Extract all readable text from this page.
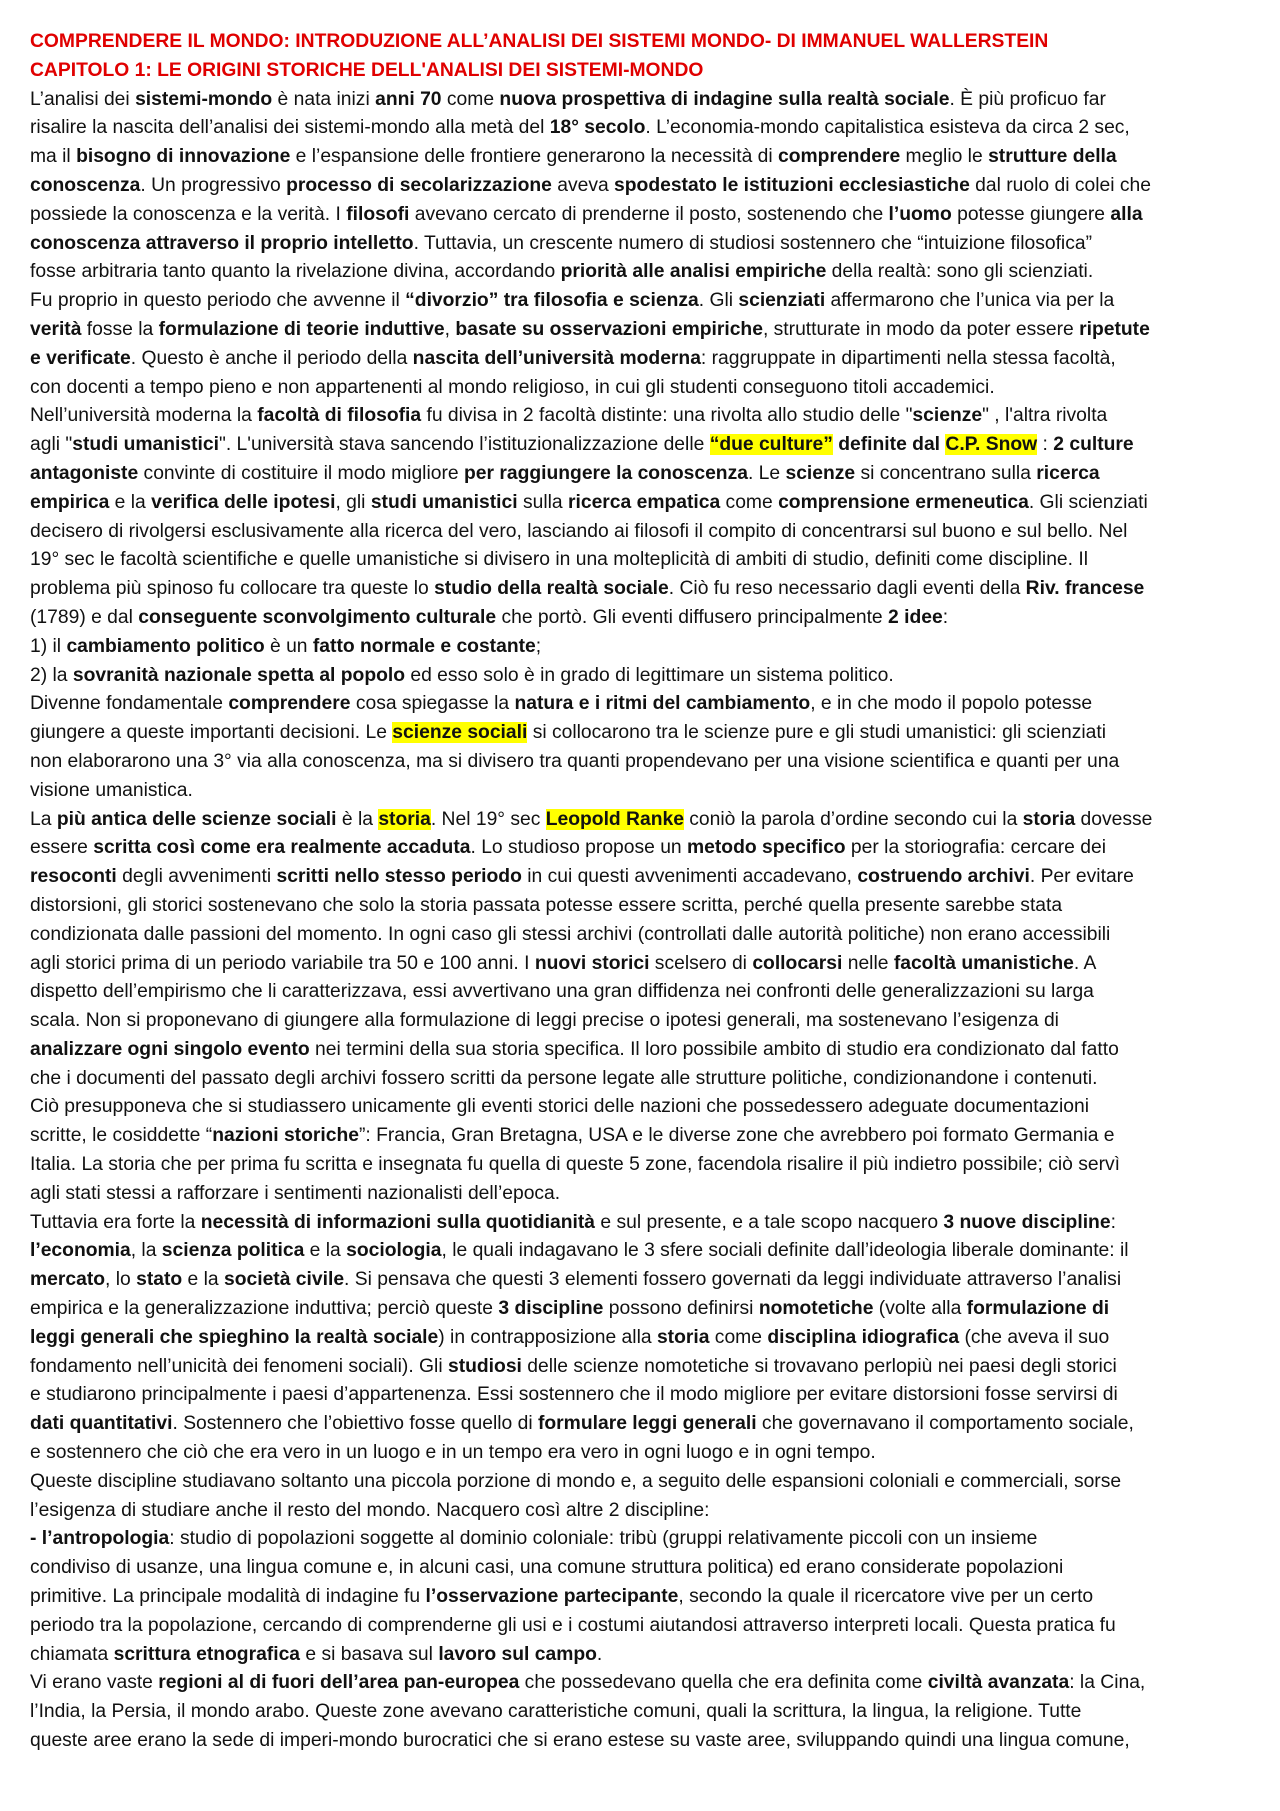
COMPRENDERE IL MONDO: INTRODUZIONE ALL’ANALISI DEI SISTEMI MONDO- DI IMMANUEL WALLERSTEIN
CAPITOLO 1: LE ORIGINI STORICHE DELL'ANALISI DEI SISTEMI-MONDO
L’analisi dei sistemi-mondo è nata inizi anni 70 come nuova prospettiva di indagine sulla realtà sociale. È più proficuo far
risalire la nascita dell’analisi dei sistemi-mondo alla metà del 18° secolo. L’economia-mondo capitalistica esisteva da circa 2 sec,
ma il bisogno di innovazione e l’espansione delle frontiere generarono la necessità di comprendere meglio le strutture della
conoscenza. Un progressivo processo di secolarizzazione aveva spodestato le istituzioni ecclesiastiche dal ruolo di colei che
possiede la conoscenza e la verità. I filosofi avevano cercato di prenderne il posto, sostenendo che l’uomo potesse giungere alla
conoscenza attraverso il proprio intelletto. Tuttavia, un crescente numero di studiosi sostennero che “intuizione filosofica”
fosse arbitraria tanto quanto la rivelazione divina, accordando priorità alle analisi empiriche della realtà: sono gli scienziati.
Fu proprio in questo periodo che avvenne il “divorzio” tra filosofia e scienza. Gli scienziati affermarono che l’unica via per la
verità fosse la formulazione di teorie induttive, basate su osservazioni empiriche, strutturate in modo da poter essere ripetute
e verificate. Questo è anche il periodo della nascita dell’università moderna: raggruppate in dipartimenti nella stessa facoltà,
con docenti a tempo pieno e non appartenenti al mondo religioso, in cui gli studenti conseguono titoli accademici.
Nell’università moderna la facoltà di filosofia fu divisa in 2 facoltà distinte: una rivolta allo studio delle "scienze" , l'altra rivolta
agli "studi umanistici". L'università stava sancendo l’istituzionalizzazione delle “due culture” definite dal C.P. Snow : 2 culture
antagoniste convinte di costituire il modo migliore per raggiungere la conoscenza. Le scienze si concentrano sulla ricerca
empirica e la verifica delle ipotesi, gli studi umanistici sulla ricerca empatica come comprensione ermeneutica. Gli scienziati
decisero di rivolgersi esclusivamente alla ricerca del vero, lasciando ai filosofi il compito di concentrarsi sul buono e sul bello. Nel
19° sec le facoltà scientifiche e quelle umanistiche si divisero in una molteplicità di ambiti di studio, definiti come discipline. Il
problema più spinoso fu collocare tra queste lo studio della realtà sociale. Ciò fu reso necessario dagli eventi della Riv. francese
(1789) e dal conseguente sconvolgimento culturale che portò. Gli eventi diffusero principalmente 2 idee:
1) il cambiamento politico è un fatto normale e costante;
2) la sovranità nazionale spetta al popolo ed esso solo è in grado di legittimare un sistema politico.
Divenne fondamentale comprendere cosa spiegasse la natura e i ritmi del cambiamento, e in che modo il popolo potesse
giungere a queste importanti decisioni. Le scienze sociali si collocarono tra le scienze pure e gli studi umanistici: gli scienziati
non elaborarono una 3° via alla conoscenza, ma si divisero tra quanti propendevano per una visione scientifica e quanti per una
visione umanistica.
La più antica delle scienze sociali è la storia. Nel 19° sec Leopold Ranke coniò la parola d’ordine secondo cui la storia dovesse
essere scritta così come era realmente accaduta. Lo studioso propose un metodo specifico per la storiografia: cercare dei
resoconti degli avvenimenti scritti nello stesso periodo in cui questi avvenimenti accadevano, costruendo archivi. Per evitare
distorsioni, gli storici sostenevano che solo la storia passata potesse essere scritta, perché quella presente sarebbe stata
condizionata dalle passioni del momento. In ogni caso gli stessi archivi (controllati dalle autorità politiche) non erano accessibili
agli storici prima di un periodo variabile tra 50 e 100 anni. I nuovi storici scelsero di collocarsi nelle facoltà umanistiche. A
dispetto dell’empirismo che li caratterizzava, essi avvertivano una gran diffidenza nei confronti delle generalizzazioni su larga
scala. Non si proponevano di giungere alla formulazione di leggi precise o ipotesi generali, ma sostenevano l’esigenza di
analizzare ogni singolo evento nei termini della sua storia specifica. Il loro possibile ambito di studio era condizionato dal fatto
che i documenti del passato degli archivi fossero scritti da persone legate alle strutture politiche, condizionandone i contenuti.
Ciò presupponeva che si studiassero unicamente gli eventi storici delle nazioni che possedessero adeguate documentazioni
scritte, le cosiddette “nazioni storiche”: Francia, Gran Bretagna, USA e le diverse zone che avrebbero poi formato Germania e
Italia. La storia che per prima fu scritta e insegnata fu quella di queste 5 zone, facendola risalire il più indietro possibile; ciò servì
agli stati stessi a rafforzare i sentimenti nazionalisti dell’epoca.
Tuttavia era forte la necessità di informazioni sulla quotidianità e sul presente, e a tale scopo nacquero 3 nuove discipline:
l’economia, la scienza politica e la sociologia, le quali indagavano le 3 sfere sociali definite dall’ideologia liberale dominante: il
mercato, lo stato e la società civile. Si pensava che questi 3 elementi fossero governati da leggi individuate attraverso l’analisi
empirica e la generalizzazione induttiva; perciò queste 3 discipline possono definirsi nomotetiche (volte alla formulazione di
leggi generali che spieghino la realtà sociale) in contrapposizione alla storia come disciplina idiografica (che aveva il suo
fondamento nell’unicità dei fenomeni sociali). Gli studiosi delle scienze nomotetiche si trovavano perlopiù nei paesi degli storici
e studiarono principalmente i paesi d’appartenenza. Essi sostennero che il modo migliore per evitare distorsioni fosse servirsi di
dati quantitativi. Sostennero che l’obiettivo fosse quello di formulare leggi generali che governavano il comportamento sociale,
e sostennero che ciò che era vero in un luogo e in un tempo era vero in ogni luogo e in ogni tempo.
Queste discipline studiavano soltanto una piccola porzione di mondo e, a seguito delle espansioni coloniali e commerciali, sorse
l’esigenza di studiare anche il resto del mondo. Nacquero così altre 2 discipline:
- l’antropologia: studio di popolazioni soggette al dominio coloniale: tribù (gruppi relativamente piccoli con un insieme
condiviso di usanze, una lingua comune e, in alcuni casi, una comune struttura politica) ed erano considerate popolazioni
primitive. La principale modalità di indagine fu l’osservazione partecipante, secondo la quale il ricercatore vive per un certo
periodo tra la popolazione, cercando di comprenderne gli usi e i costumi aiutandosi attraverso interpreti locali. Questa pratica fu
chiamata scrittura etnografica e si basava sul lavoro sul campo.
Vi erano vaste regioni al di fuori dell’area pan-europea che possedevano quella che era definita come civiltà avanzata: la Cina,
l’India, la Persia, il mondo arabo. Queste zone avevano caratteristiche comuni, quali la scrittura, la lingua, la religione. Tutte
queste aree erano la sede di imperi-mondo burocratici che si erano estese su vaste aree, sviluppando quindi una lingua comune,
